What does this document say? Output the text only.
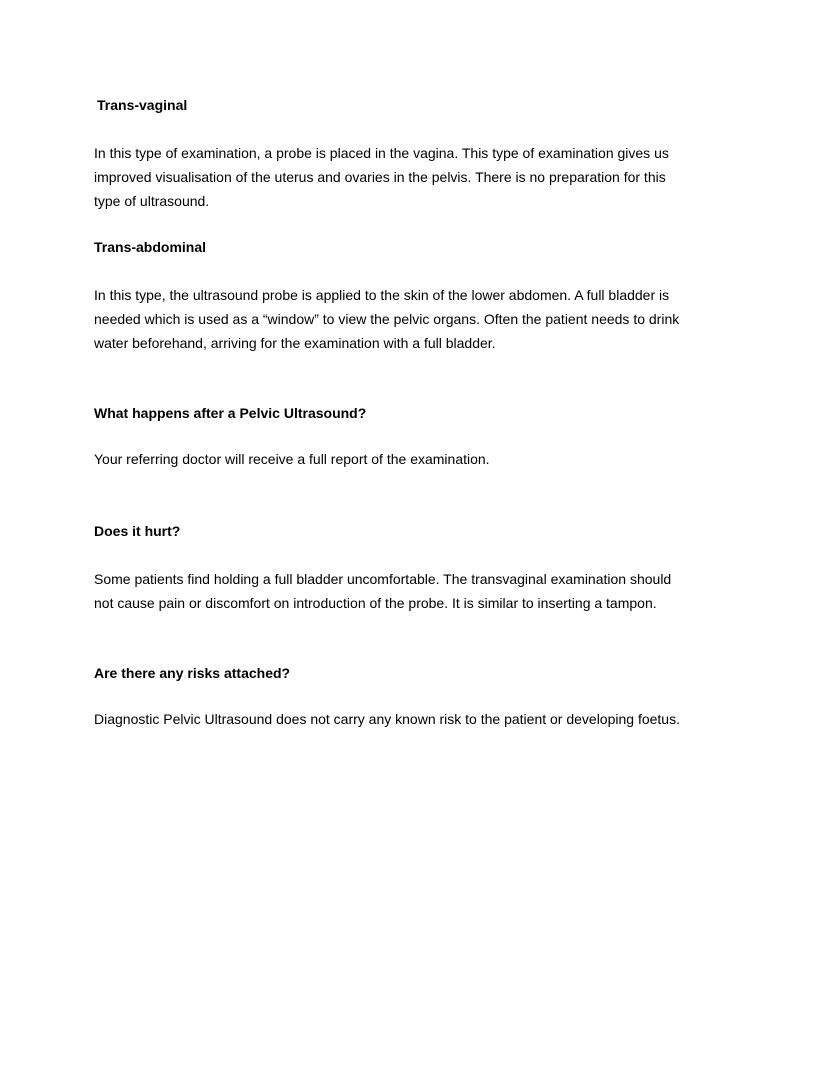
Trans-vaginal
In this type of examination, a probe is placed in the vagina. This type of examination gives us
improved visualisation of the uterus and ovaries in the pelvis. There is no preparation for this
type of ultrasound.
Trans-abdominal
In this type, the ultrasound probe is applied to the skin of the lower abdomen. A full bladder is
needed which is used as a “window” to view the pelvic organs. Often the patient needs to drink
water beforehand, arriving for the examination with a full bladder.
What happens after a Pelvic Ultrasound?
Your referring doctor will receive a full report of the examination.
Does it hurt?
Some patients find holding a full bladder uncomfortable. The transvaginal examination should
not cause pain or discomfort on introduction of the probe. It is similar to inserting a tampon.
Are there any risks attached?
Diagnostic Pelvic Ultrasound does not carry any known risk to the patient or developing foetus.
